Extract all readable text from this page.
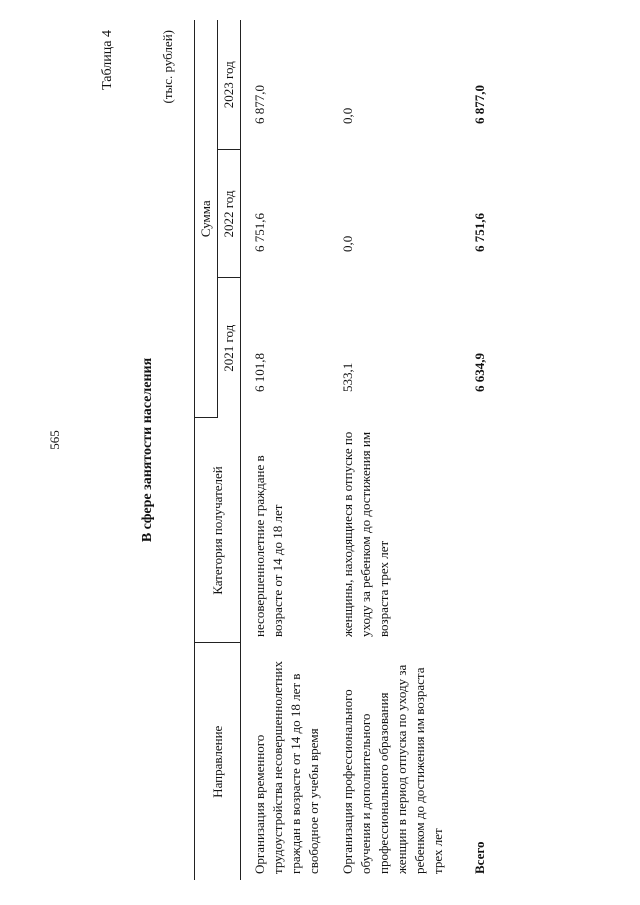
565
Таблица 4
В сфере занятости населения
(тыс. рублей)
Направление	Категория получателей	Сумма		
		2021 год	2022 год	2023 год
Организация временного трудоустройства несовершеннолетних граждан в возрасте от 14 до 18 лет в свободное от учебы время	несовершеннолетние граждане в возрасте от 14 до 18 лет	6 101,8	6 751,6	6 877,0
Организация профессионального обучения и дополнительного профессионального образования женщин в период отпуска по уходу за ребенком до достижения им возраста трех лет	женщины, находящиеся в отпуске по уходу за ребенком до достижения им возраста трех лет	533,1	0,0	0,0
Всего		6 634,9	6 751,6	6 877,0
